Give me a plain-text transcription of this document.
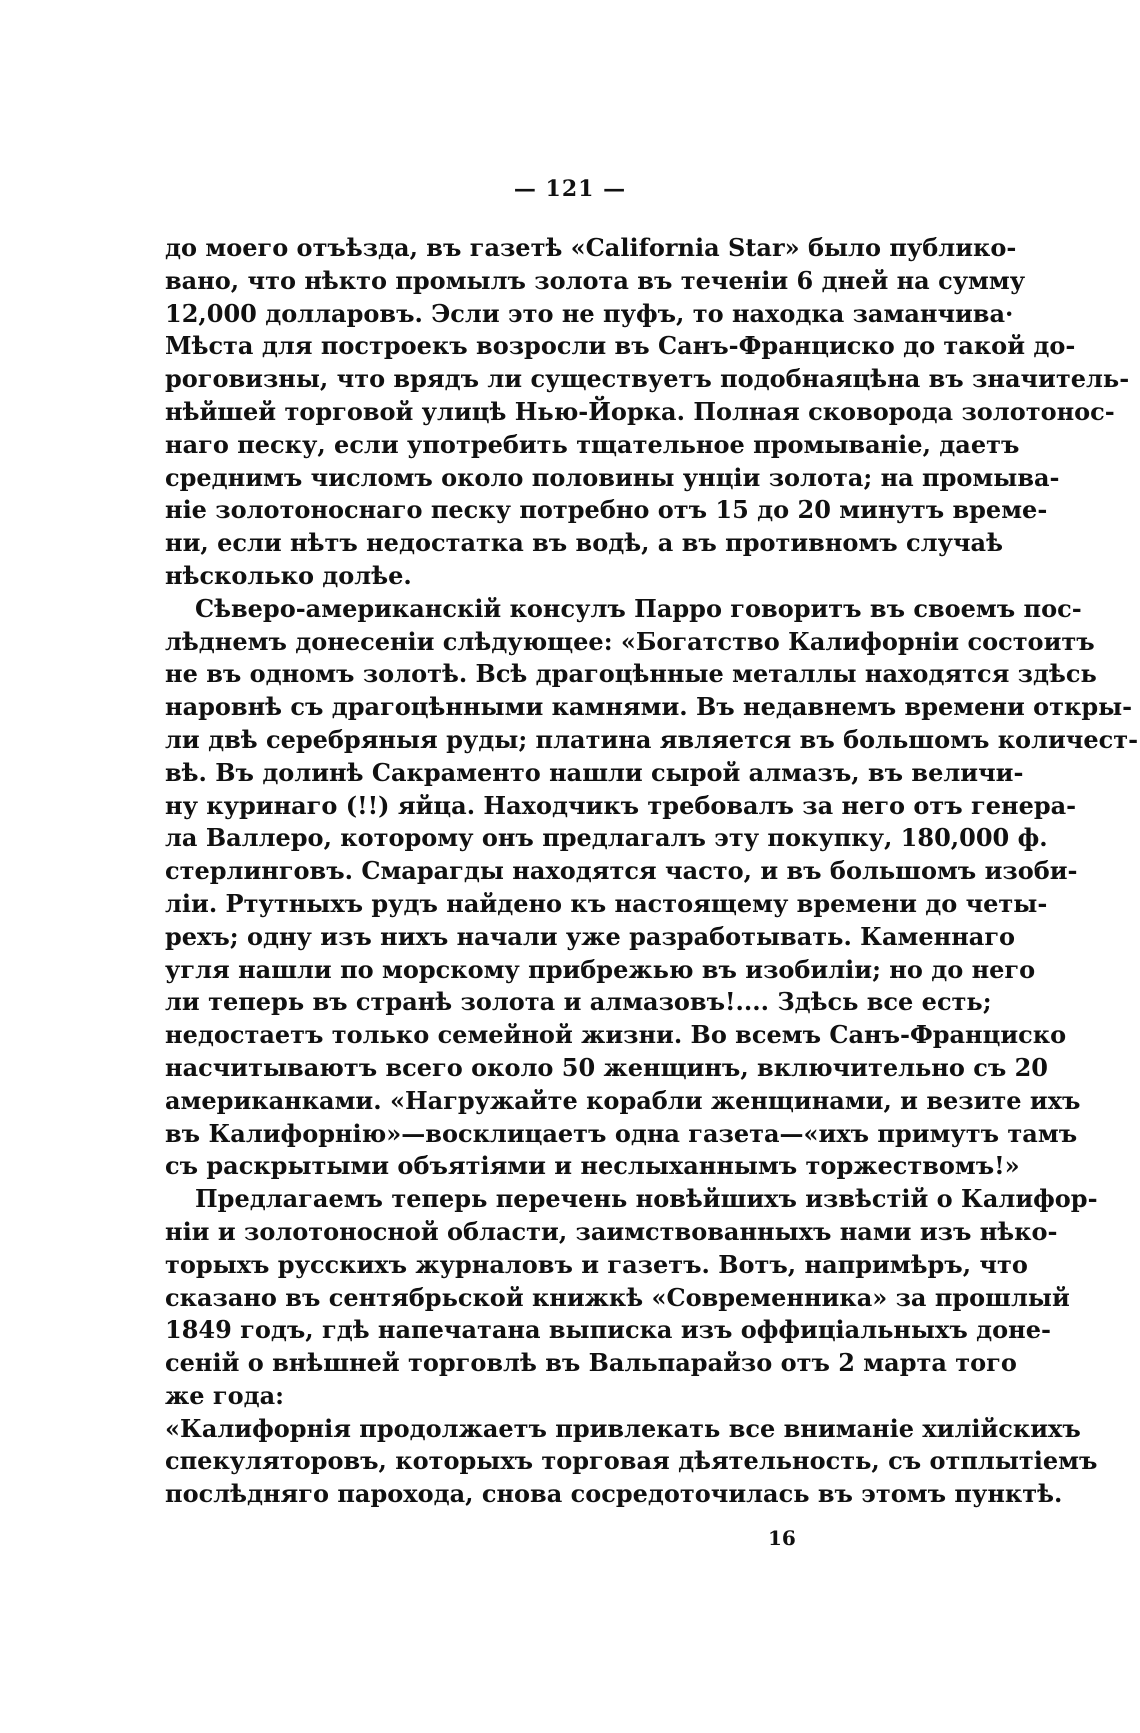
— 121 —
до моего отъѣзда, въ газетѣ «California Star» было публико-
вано, что нѣкто промылъ золота въ теченіи 6 дней на сумму
12,000 долларовъ. Эсли это не пуфъ, то находка заманчива·
Мѣста для построекъ возросли въ Санъ-Франциско до такой до-
роговизны, что врядъ ли существуетъ подобнаяцѣна въ значитель-
нѣйшей торговой улицѣ Нью-Йорка. Полная сковорода золотонос-
наго песку, если употребить тщательное промываніе, даетъ
среднимъ числомъ около половины унціи золота; на промыва-
ніе золотоноснаго песку потребно отъ 15 до 20 минутъ време-
ни, если нѣтъ недостатка въ водѣ, а въ противномъ случаѣ
нѣсколько долѣе.
Сѣверо-американскій консулъ Парро говоритъ въ своемъ пос-
лѣднемъ донесеніи слѣдующее: «Богатство Калифорніи состоитъ
не въ одномъ золотѣ. Всѣ драгоцѣнные металлы находятся здѣсь
наровнѣ съ драгоцѣнными камнями. Въ недавнемъ времени откры-
ли двѣ серебряныя руды; платина является въ большомъ количест-
вѣ. Въ долинѣ Сакраменто нашли сырой алмазъ, въ величи-
ну куринаго (!!) яйца. Находчикъ требовалъ за него отъ генера-
ла Валлеро, которому онъ предлагалъ эту покупку, 180,000 ф.
стерлинговъ. Смарагды находятся часто, и въ большомъ изоби-
ліи. Ртутныхъ рудъ найдено къ настоящему времени до четы-
рехъ; одну изъ нихъ начали уже разработывать. Каменнаго
угля нашли по морскому прибрежью въ изобиліи; но до него
ли теперь въ странѣ золота и алмазовъ!.... Здѣсь все есть;
недостаетъ только семейной жизни. Во всемъ Санъ-Франциско
насчитываютъ всего около 50 женщинъ, включительно съ 20
американками. «Нагружайте корабли женщинами, и везите ихъ
въ Калифорнію»—восклицаетъ одна газета—«ихъ примутъ тамъ
съ раскрытыми объятіями и неслыханнымъ торжествомъ!»
Предлагаемъ теперь перечень новѣйшихъ извѣстій о Калифор-
ніи и золотоносной области, заимствованныхъ нами изъ нѣко-
торыхъ русскихъ журналовъ и газетъ. Вотъ, напримѣръ, что
сказано въ сентябрьской книжкѣ «Современника» за прошлый
1849 годъ, гдѣ напечатана выписка изъ оффиціальныхъ доне-
сеній о внѣшней торговлѣ въ Вальпарайзо отъ 2 марта того
же года:
«Калифорнія продолжаетъ привлекать все вниманіе хилійскихъ
спекуляторовъ, которыхъ торговая дѣятельность, съ отплытіемъ
послѣдняго парохода, снова сосредоточилась въ этомъ пунктѣ.
16
